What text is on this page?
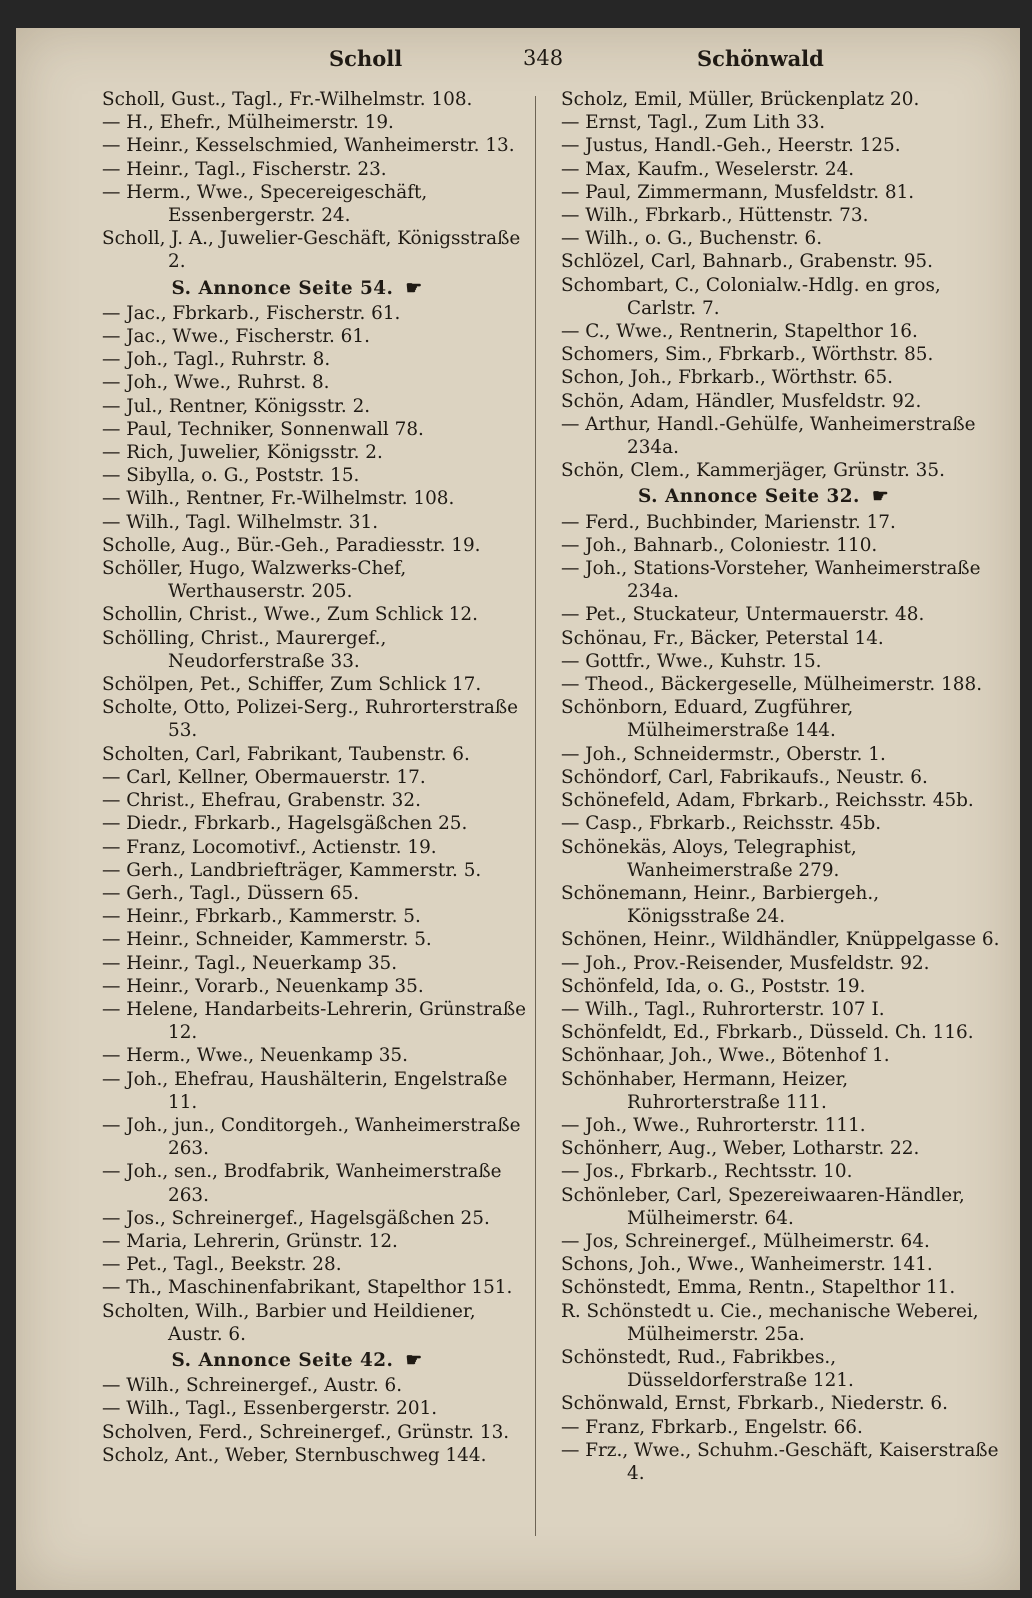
Scholl	348	Schönwald
Scholl, Gust., Tagl., Fr.-Wilhelmstr. 108.
— H., Ehefr., Mülheimerstr. 19.
— Heinr., Kesselschmied, Wanheimerstr. 13.
— Heinr., Tagl., Fischerstr. 23.
— Herm., Wwe., Specereigeschäft, Essenbergerstr. 24.
Scholl, J. A., Juwelier-Geschäft, Königsstraße 2.
S. Annonce Seite 54. ☛
— Jac., Fbrkarb., Fischerstr. 61.
— Jac., Wwe., Fischerstr. 61.
— Joh., Tagl., Ruhrstr. 8.
— Joh., Wwe., Ruhrst. 8.
— Jul., Rentner, Königsstr. 2.
— Paul, Techniker, Sonnenwall 78.
— Rich, Juwelier, Königsstr. 2.
— Sibylla, o. G., Poststr. 15.
— Wilh., Rentner, Fr.-Wilhelmstr. 108.
— Wilh., Tagl. Wilhelmstr. 31.
Scholle, Aug., Bür.-Geh., Paradiesstr. 19.
Schöller, Hugo, Walzwerks-Chef, Werthauserstr. 205.
Schollin, Christ., Wwe., Zum Schlick 12.
Schölling, Christ., Maurergef., Neudorferstraße 33.
Schölpen, Pet., Schiffer, Zum Schlick 17.
Scholte, Otto, Polizei-Serg., Ruhrorterstraße 53.
Scholten, Carl, Fabrikant, Taubenstr. 6.
— Carl, Kellner, Obermauerstr. 17.
— Christ., Ehefrau, Grabenstr. 32.
— Diedr., Fbrkarb., Hagelsgäßchen 25.
— Franz, Locomotivf., Actienstr. 19.
— Gerh., Landbriefträger, Kammerstr. 5.
— Gerh., Tagl., Düssern 65.
— Heinr., Fbrkarb., Kammerstr. 5.
— Heinr., Schneider, Kammerstr. 5.
— Heinr., Tagl., Neuerkamp 35.
— Heinr., Vorarb., Neuenkamp 35.
— Helene, Handarbeits-Lehrerin, Grünstraße 12.
— Herm., Wwe., Neuenkamp 35.
— Joh., Ehefrau, Haushälterin, Engelstraße 11.
— Joh., jun., Conditorgeh., Wanheimerstraße 263.
— Joh., sen., Brodfabrik, Wanheimerstraße 263.
— Jos., Schreinergef., Hagelsgäßchen 25.
— Maria, Lehrerin, Grünstr. 12.
— Pet., Tagl., Beekstr. 28.
— Th., Maschinenfabrikant, Stapelthor 151.
Scholten, Wilh., Barbier und Heildiener, Austr. 6.
S. Annonce Seite 42. ☛
— Wilh., Schreinergef., Austr. 6.
— Wilh., Tagl., Essenbergerstr. 201.
Scholven, Ferd., Schreinergef., Grünstr. 13.
Scholz, Ant., Weber, Sternbuschweg 144.
Scholz, Emil, Müller, Brückenplatz 20.
— Ernst, Tagl., Zum Lith 33.
— Justus, Handl.-Geh., Heerstr. 125.
— Max, Kaufm., Weselerstr. 24.
— Paul, Zimmermann, Musfeldstr. 81.
— Wilh., Fbrkarb., Hüttenstr. 73.
— Wilh., o. G., Buchenstr. 6.
Schlözel, Carl, Bahnarb., Grabenstr. 95.
Schombart, C., Colonialw.-Hdlg. en gros, Carlstr. 7.
— C., Wwe., Rentnerin, Stapelthor 16.
Schomers, Sim., Fbrkarb., Wörthstr. 85.
Schon, Joh., Fbrkarb., Wörthstr. 65.
Schön, Adam, Händler, Musfeldstr. 92.
— Arthur, Handl.-Gehülfe, Wanheimerstraße 234a.
Schön, Clem., Kammerjäger, Grünstr. 35.
S. Annonce Seite 32. ☛
— Ferd., Buchbinder, Marienstr. 17.
— Joh., Bahnarb., Coloniestr. 110.
— Joh., Stations-Vorsteher, Wanheimerstraße 234a.
— Pet., Stuckateur, Untermauerstr. 48.
Schönau, Fr., Bäcker, Peterstal 14.
— Gottfr., Wwe., Kuhstr. 15.
— Theod., Bäckergeselle, Mülheimerstr. 188.
Schönborn, Eduard, Zugführer, Mülheimerstraße 144.
— Joh., Schneidermstr., Oberstr. 1.
Schöndorf, Carl, Fabrikaufs., Neustr. 6.
Schönefeld, Adam, Fbrkarb., Reichsstr. 45b.
— Casp., Fbrkarb., Reichsstr. 45b.
Schönekäs, Aloys, Telegraphist, Wanheimerstraße 279.
Schönemann, Heinr., Barbiergeh., Königsstraße 24.
Schönen, Heinr., Wildhändler, Knüppelgasse 6.
— Joh., Prov.-Reisender, Musfeldstr. 92.
Schönfeld, Ida, o. G., Poststr. 19.
— Wilh., Tagl., Ruhrorterstr. 107 I.
Schönfeldt, Ed., Fbrkarb., Düsseld. Ch. 116.
Schönhaar, Joh., Wwe., Bötenhof 1.
Schönhaber, Hermann, Heizer, Ruhrorterstraße 111.
— Joh., Wwe., Ruhrorterstr. 111.
Schönherr, Aug., Weber, Lotharstr. 22.
— Jos., Fbrkarb., Rechtsstr. 10.
Schönleber, Carl, Spezereiwaaren-Händler, Mülheimerstr. 64.
— Jos, Schreinergef., Mülheimerstr. 64.
Schons, Joh., Wwe., Wanheimerstr. 141.
Schönstedt, Emma, Rentn., Stapelthor 11.
R. Schönstedt u. Cie., mechanische Weberei, Mülheimerstr. 25a.
Schönstedt, Rud., Fabrikbes., Düsseldorferstraße 121.
Schönwald, Ernst, Fbrkarb., Niederstr. 6.
— Franz, Fbrkarb., Engelstr. 66.
— Frz., Wwe., Schuhm.-Geschäft, Kaiserstraße 4.
